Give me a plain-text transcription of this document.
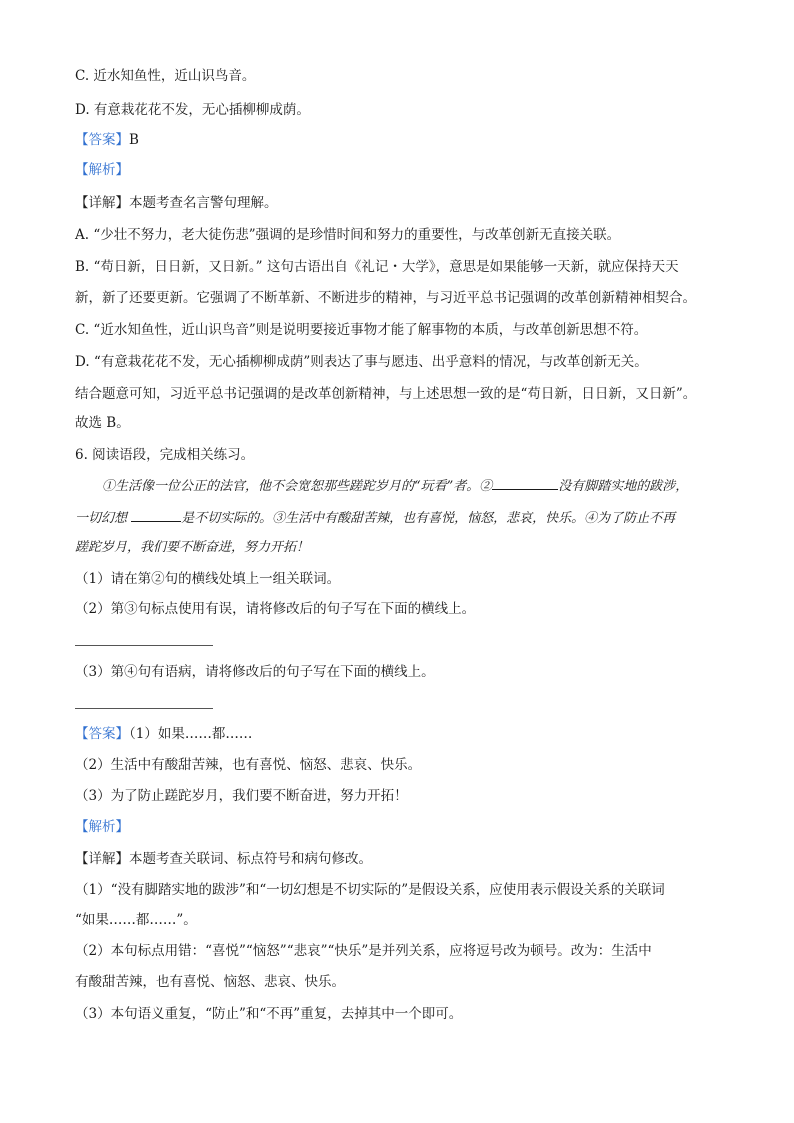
C. 近水知鱼性，近山识鸟音。
D. 有意栽花花不发，无心插柳柳成荫。
【答案】B
【解析】
【详解】本题考查名言警句理解。
A. “少壮不努力，老大徒伤悲”强调的是珍惜时间和努力的重要性，与改革创新无直接关联。
B. “苟日新，日日新，又日新。” 这句古语出自《礼记・大学》，意思是如果能够一天新，就应保持天天
新，新了还要更新。它强调了不断革新、不断进步的精神，与习近平总书记强调的改革创新精神相契合。
C. “近水知鱼性，近山识鸟音”则是说明要接近事物才能了解事物的本质，与改革创新思想不符。
D. “有意栽花花不发，无心插柳柳成荫”则表达了事与愿违、出乎意料的情况，与改革创新无关。
结合题意可知，习近平总书记强调的是改革创新精神，与上述思想一致的是“苟日新，日日新，又日新”。
故选 B。
6. 阅读语段，完成相关练习。
①生活像一位公正的法官，他不会宽恕那些蹉跎岁月的“玩看”者。②	没有脚踏实地的跋涉，
一切幻想	是不切实际的。③生活中有酸甜苦辣，也有喜悦，恼怒，悲哀，快乐。④为了防止不再
蹉跎岁月，我们要不断奋进，努力开拓！
（1）请在第②句的横线处填上一组关联词。
（2）第③句标点使用有误，请将修改后的句子写在下面的横线上。
（3）第④句有语病，请将修改后的句子写在下面的横线上。
【答案】（1）如果……都……
（2）生活中有酸甜苦辣，也有喜悦、恼怒、悲哀、快乐。
（3）为了防止蹉跎岁月，我们要不断奋进，努力开拓！
【解析】
【详解】本题考查关联词、标点符号和病句修改。
（1）“没有脚踏实地的跋涉”和“一切幻想是不切实际的”是假设关系，应使用表示假设关系的关联词
“如果……都……”。
（2）本句标点用错：“喜悦”“恼怒”“悲哀”“快乐”是并列关系，应将逗号改为顿号。改为：生活中
有酸甜苦辣，也有喜悦、恼怒、悲哀、快乐。
（3）本句语义重复，“防止”和“不再”重复，去掉其中一个即可。
